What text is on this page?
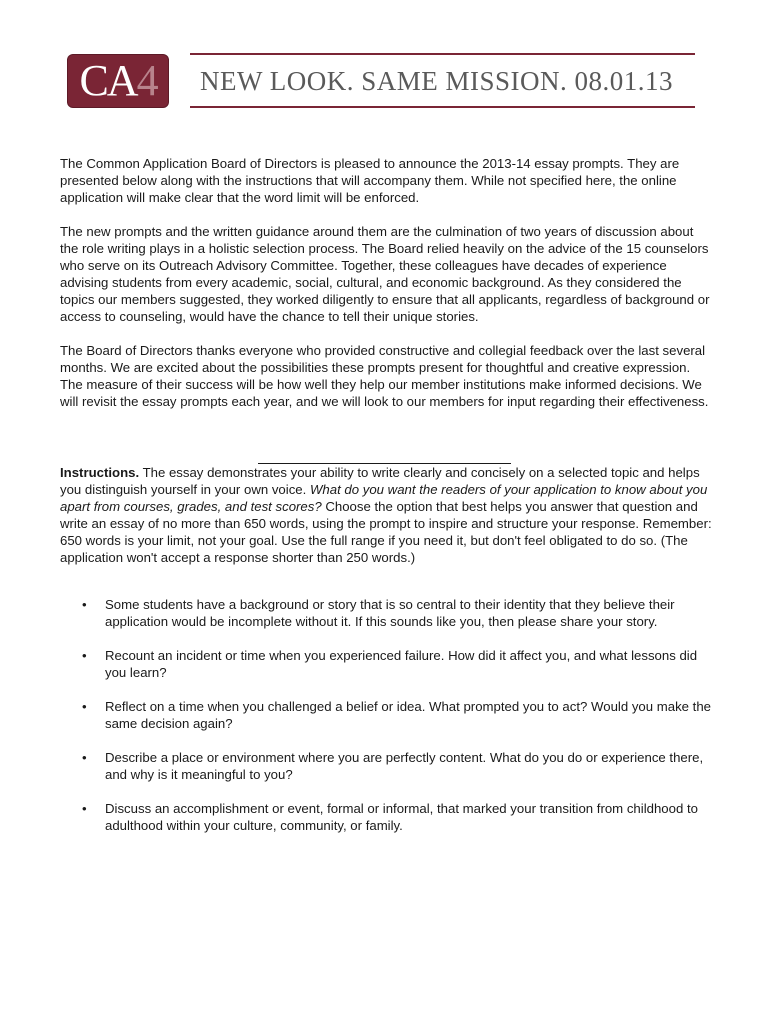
CA4	NEW LOOK. SAME MISSION. 08.01.13

The Common Application Board of Directors is pleased to announce the 2013-14 essay prompts. They are presented below along with the instructions that will accompany them. While not specified here, the online application will make clear that the word limit will be enforced.

The new prompts and the written guidance around them are the culmination of two years of discussion about the role writing plays in a holistic selection process. The Board relied heavily on the advice of the 15 counselors who serve on its Outreach Advisory Committee. Together, these colleagues have decades of experience advising students from every academic, social, cultural, and economic background. As they considered the topics our members suggested, they worked diligently to ensure that all applicants, regardless of background or access to counseling, would have the chance to tell their unique stories.

The Board of Directors thanks everyone who provided constructive and collegial feedback over the last several months. We are excited about the possibilities these prompts present for thoughtful and creative expression. The measure of their success will be how well they help our member institutions make informed decisions. We will revisit the essay prompts each year, and we will look to our members for input regarding their effectiveness.

Instructions. The essay demonstrates your ability to write clearly and concisely on a selected topic and helps you distinguish yourself in your own voice. What do you want the readers of your application to know about you apart from courses, grades, and test scores? Choose the option that best helps you answer that question and write an essay of no more than 650 words, using the prompt to inspire and structure your response. Remember: 650 words is your limit, not your goal. Use the full range if you need it, but don't feel obligated to do so. (The application won't accept a response shorter than 250 words.)

• Some students have a background or story that is so central to their identity that they believe their application would be incomplete without it. If this sounds like you, then please share your story.
• Recount an incident or time when you experienced failure. How did it affect you, and what lessons did you learn?
• Reflect on a time when you challenged a belief or idea. What prompted you to act? Would you make the same decision again?
• Describe a place or environment where you are perfectly content. What do you do or experience there, and why is it meaningful to you?
• Discuss an accomplishment or event, formal or informal, that marked your transition from childhood to adulthood within your culture, community, or family.
